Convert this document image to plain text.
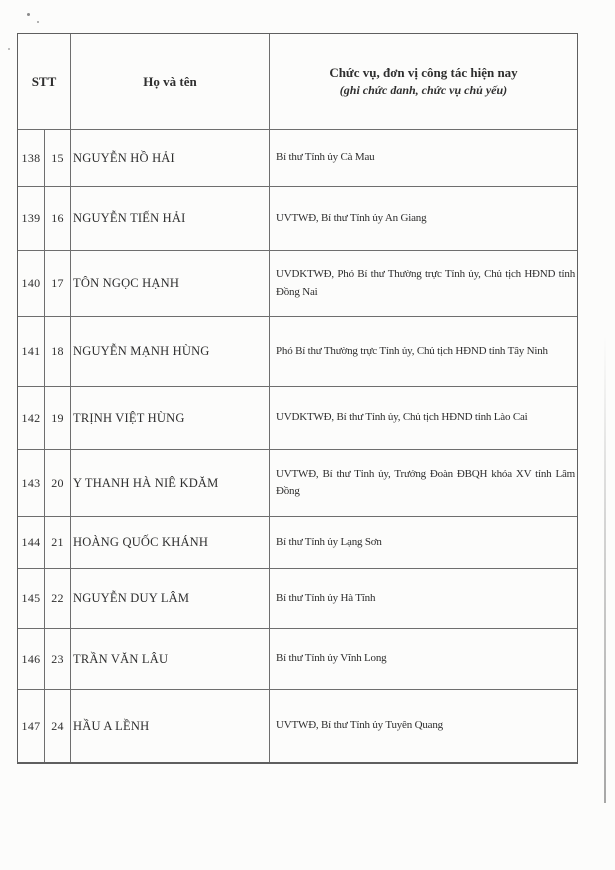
STT	Họ và tên
Chức vụ, đơn vị công tác hiện nay
(ghi chức danh, chức vụ chủ yếu)
138 15 NGUYỄN HỒ HẢI	Bí thư Tỉnh ủy Cà Mau
139 16 NGUYỄN TIẾN HẢI	UVTWĐ, Bí thư Tỉnh ủy An Giang
140 17 TÔN NGỌC HẠNH
UVDKTWĐ, Phó Bí thư Thường trực Tỉnh ủy, Chủ tịch HĐND tỉnh Đồng Nai
141 18 NGUYỄN MẠNH HÙNG	Phó Bí thư Thường trực Tỉnh ủy, Chủ tịch HĐND tỉnh Tây Ninh
142 19 TRỊNH VIỆT HÙNG	UVDKTWĐ, Bí thư Tỉnh ủy, Chủ tịch HĐND tỉnh Lào Cai
143 20 Y THANH HÀ NIÊ KDĂM
UVTWĐ, Bí thư Tỉnh ủy, Trưởng Đoàn ĐBQH khóa XV tỉnh Lâm Đồng
144 21 HOÀNG QUỐC KHÁNH	Bí thư Tỉnh ủy Lạng Sơn
145 22 NGUYỄN DUY LÂM	Bí thư Tỉnh ủy Hà Tĩnh
146 23 TRẦN VĂN LÂU	Bí thư Tỉnh ủy Vĩnh Long
147 24 HẦU A LỀNH	UVTWĐ, Bí thư Tỉnh ủy Tuyên Quang
